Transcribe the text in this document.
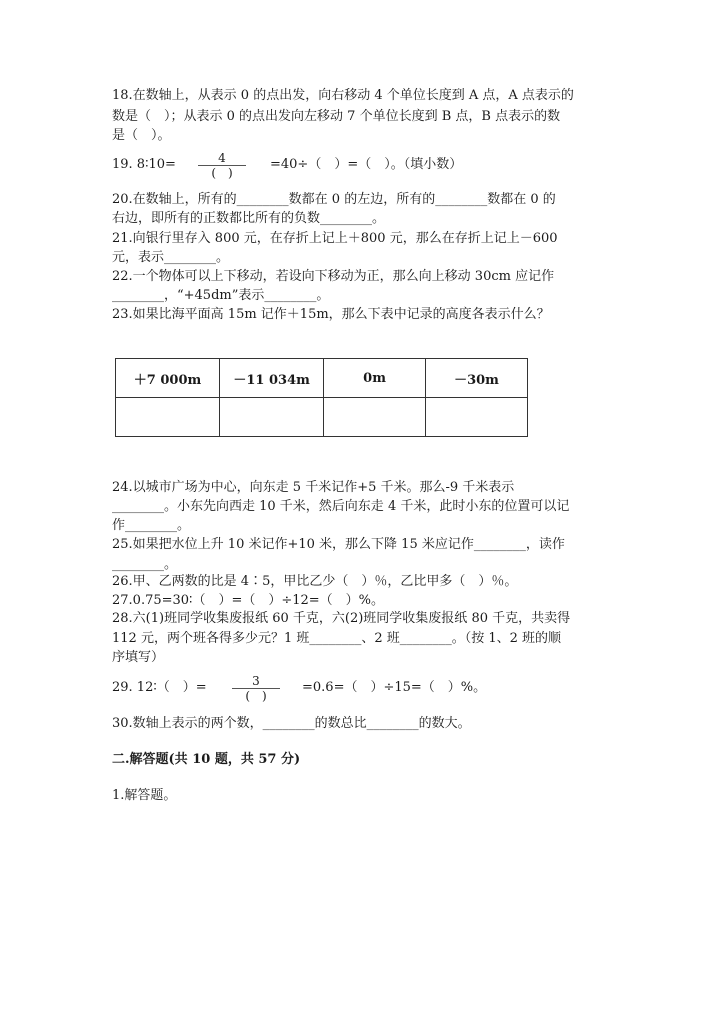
18.在数轴上，从表示 0 的点出发，向右移动 4 个单位长度到 A 点，A 点表示的
数是（　）；从表示 0 的点出发向左移动 7 个单位长度到 B 点，B 点表示的数
是（　）。
19. 8∶10=	4
(　)
=40÷（　）=（　）。（填小数）
20.在数轴上，所有的________数都在 0 的左边，所有的________数都在 0 的
右边，即所有的正数都比所有的负数________。
21.向银行里存入 800 元，在存折上记上＋800 元，那么在存折上记上－600
元，表示________。
22.一个物体可以上下移动，若设向下移动为正，那么向上移动 30cm 应记作
________，“+45dm”表示________。
23.如果比海平面高 15m 记作＋15m，那么下表中记录的高度各表示什么？
＋7 000m	－11 034m	0m	－30m

24.以城市广场为中心，向东走 5 千米记作+5 千米。那么-9 千米表示
________。小东先向西走 10 千米，然后向东走 4 千米，此时小东的位置可以记
作________。
25.如果把水位上升 10 米记作+10 米，那么下降 15 米应记作________，读作
________。
26.甲、乙两数的比是 4∶5，甲比乙少（　）％，乙比甲多（　）％。
27.0.75=30∶（　）=（　）÷12=（　）%。
28.六(1)班同学收集废报纸 60 千克，六(2)班同学收集废报纸 80 千克，共卖得
112 元，两个班各得多少元？1 班________、2 班________。（按 1、2 班的顺
序填写）
29. 12∶（　）=	3
(　)
=0.6=（　）÷15=（　）%。
30.数轴上表示的两个数，________的数总比________的数大。
二.解答题(共 10 题，共 57 分)
1.解答题。
